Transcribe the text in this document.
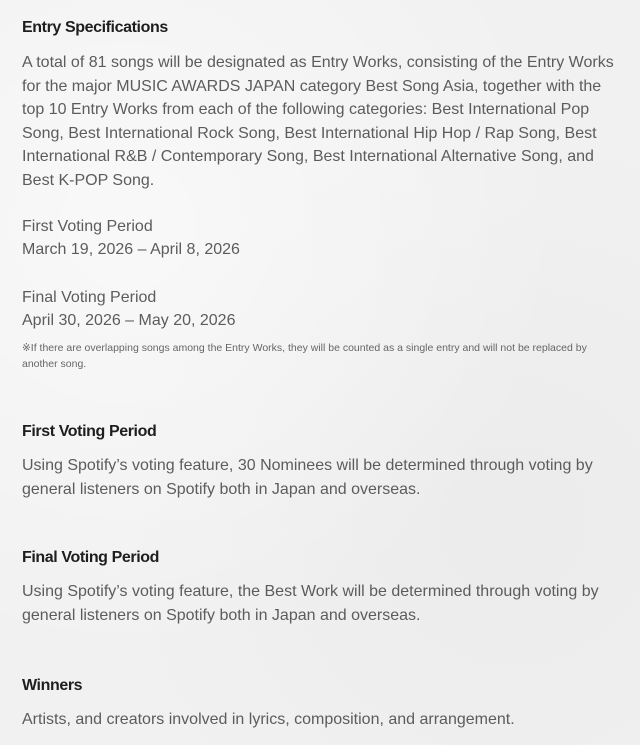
Entry Specifications

A total of 81 songs will be designated as Entry Works, consisting of the Entry Works for the major MUSIC AWARDS JAPAN category Best Song Asia, together with the top 10 Entry Works from each of the following categories: Best International Pop Song, Best International Rock Song, Best International Hip Hop / Rap Song, Best International R&B / Contemporary Song, Best International Alternative Song, and Best K-POP Song.

First Voting Period

March 19, 2026 – April 8, 2026

Final Voting Period

April 30, 2026 – May 20, 2026

※If there are overlapping songs among the Entry Works, they will be counted as a single entry and will not be replaced by another song.

First Voting Period

Using Spotify’s voting feature, 30 Nominees will be determined through voting by general listeners on Spotify both in Japan and overseas.

Final Voting Period

Using Spotify’s voting feature, the Best Work will be determined through voting by general listeners on Spotify both in Japan and overseas.

Winners

Artists, and creators involved in lyrics, composition, and arrangement.
